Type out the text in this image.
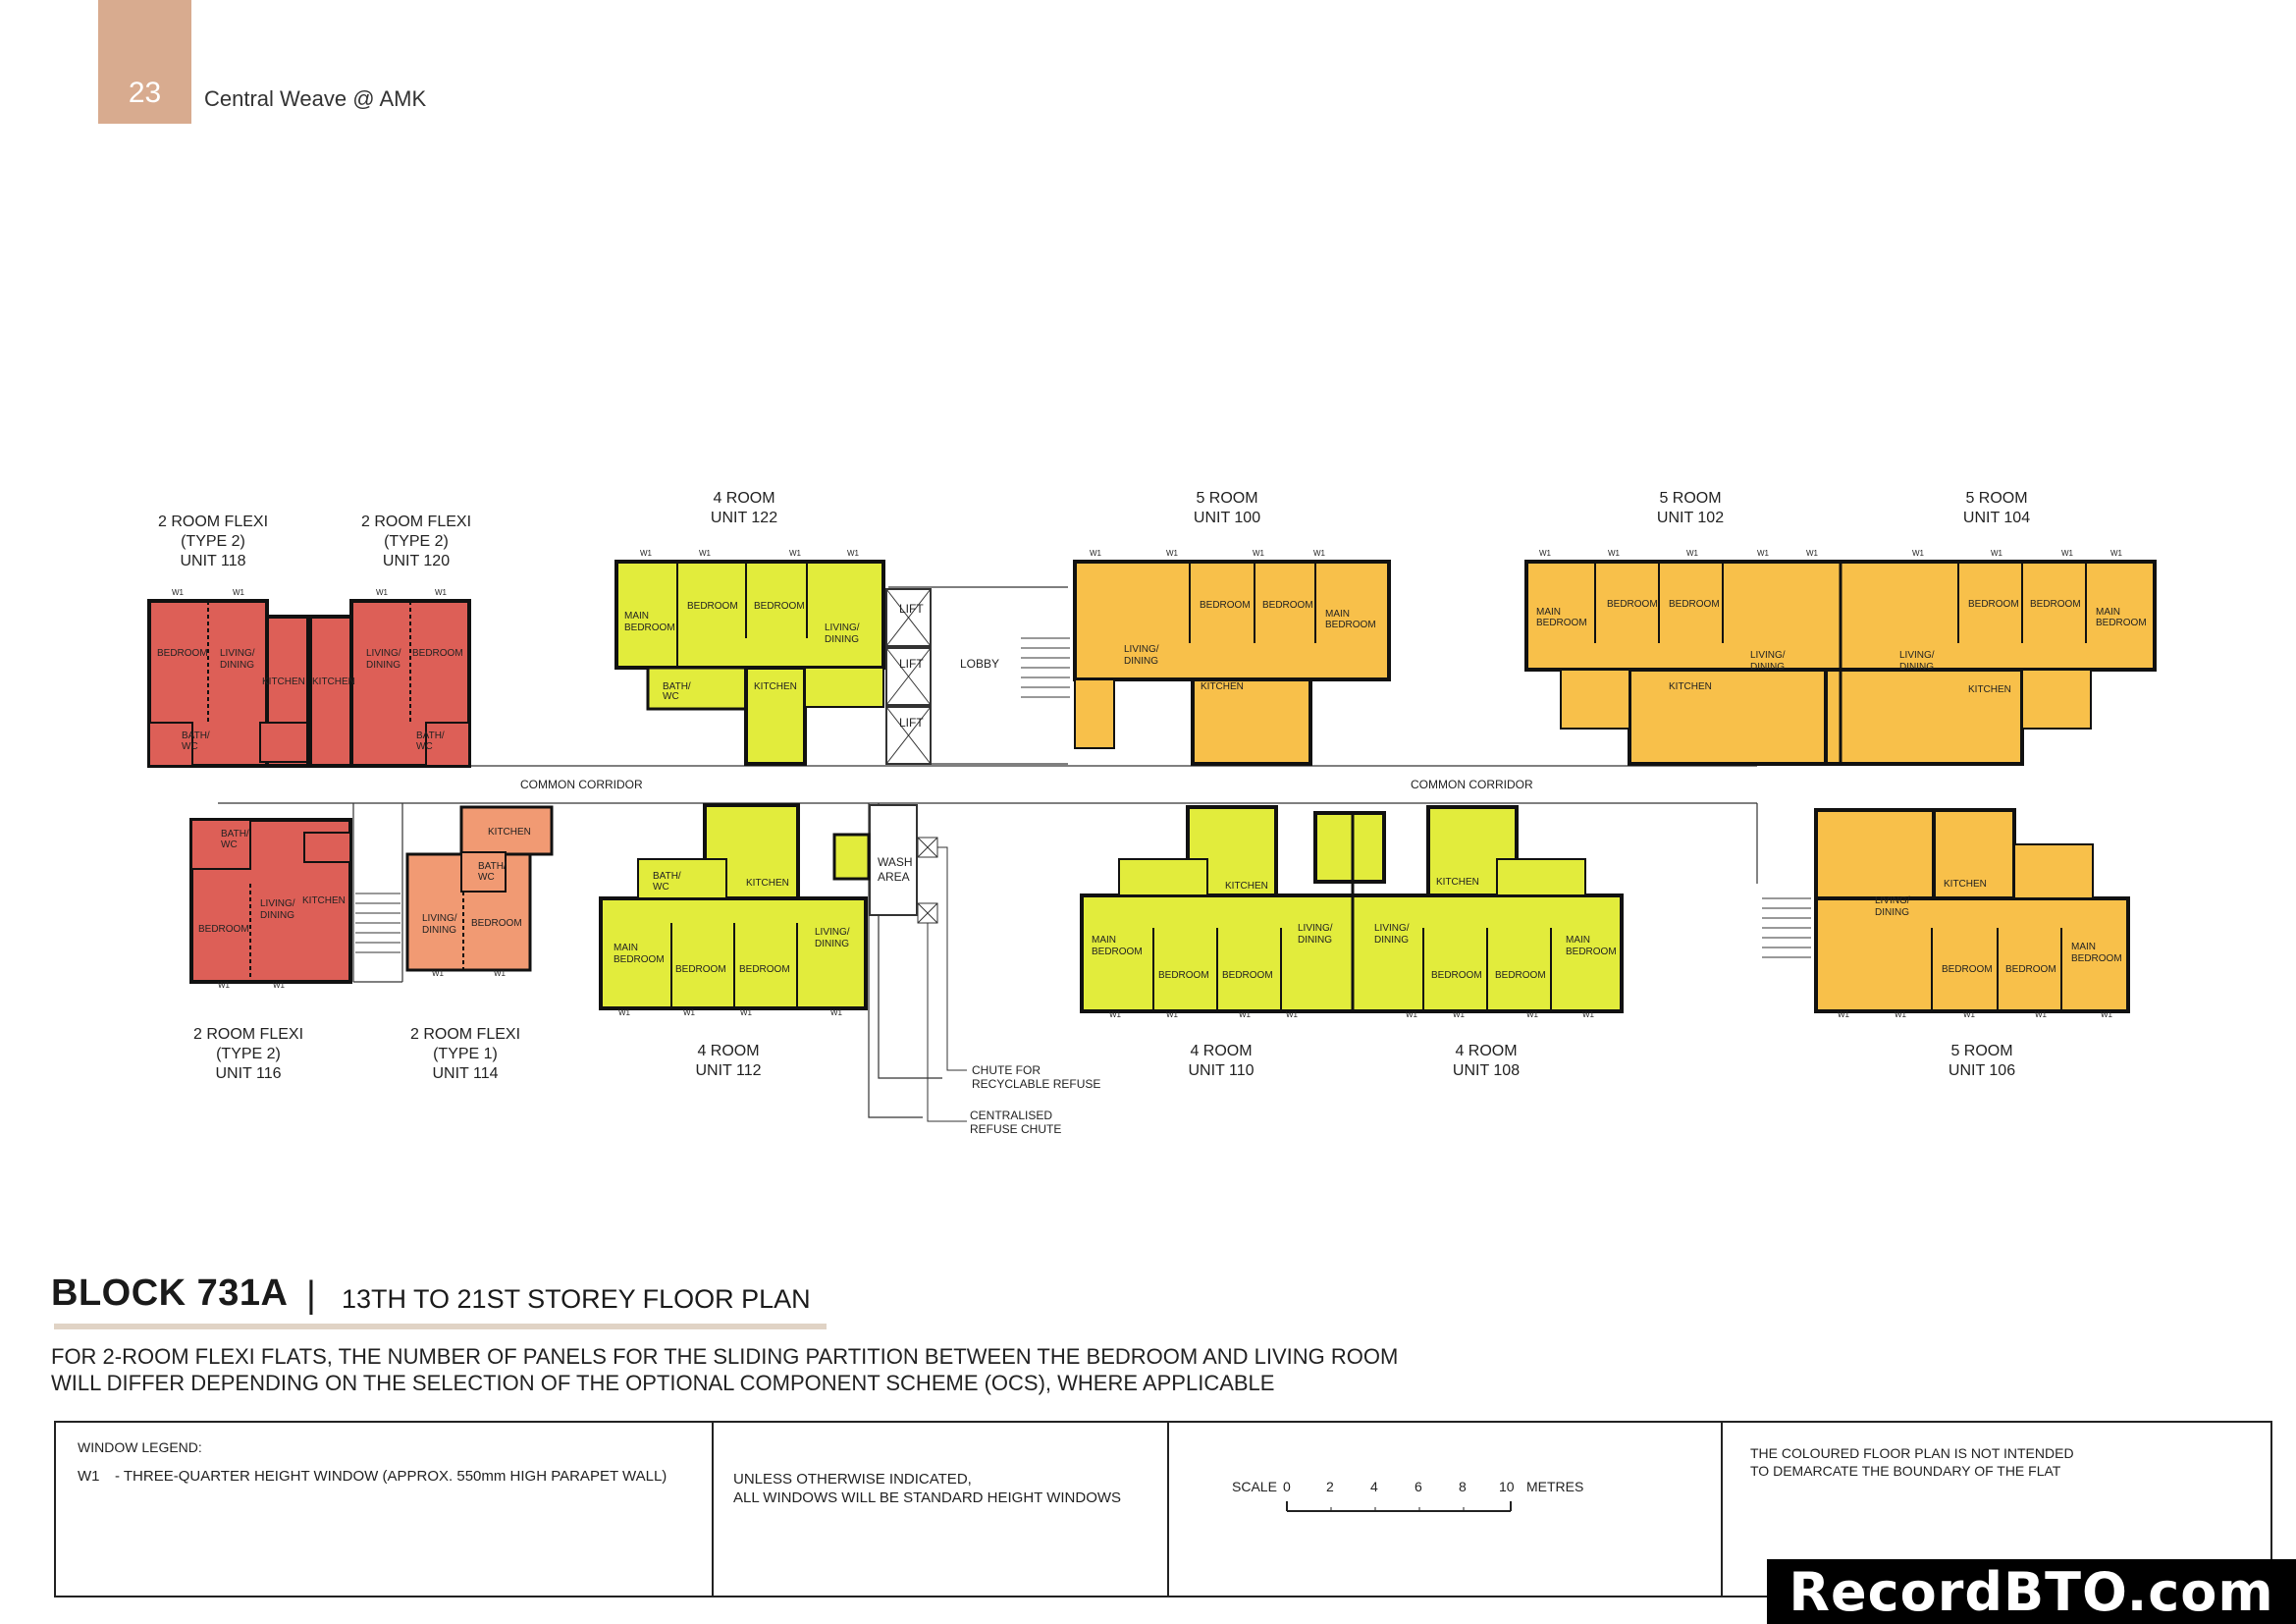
23 Central Weave @ AMK
LIFT
LIFT
LIFT
LOBBY
WASH
AREA
CHUTE FOR
RECYCLABLE REFUSE
CENTRALISED
REFUSE CHUTE
COMMON CORRIDOR	COMMON CORRIDOR
BEDROOM LIVING/
DINING
KITCHEN
BATH/
WC
W1	W1
BEDROOM
LIVING/
DINING
KITCHEN
BATH/
WC
W1	W1
MAIN
BEDROOM
BEDROOM BEDROOM
LIVING/
DINING
KITCHEN
BATH/
WC
W1	W1	W1	W1
LIVING/
DINING
BEDROOM BEDROOM
MAIN
BEDROOM
KITCHEN
W1	W1	W1	W1
MAIN
BEDROOM
BEDROOM BEDROOM
LIVING/
DINING
KITCHEN
LIVING/
DINING
BEDROOM BEDROOM
MAIN
BEDROOM
KITCHEN
W1	W1	W1	W1	W1	W1	W1	W1	W1
BEDROOM
LIVING/
DINING
KITCHEN
BATH/
WC
W1	W1
KITCHEN
LIVING/
DINING
BEDROOM
BATH/
WC
W1	W1
MAIN
BEDROOM
BEDROOM BEDROOM
LIVING/
DINING
KITCHEN
BATH/
WC
W1	W1	W1	W1
MAIN
BEDROOM
BEDROOM BEDROOM
LIVING/
DINING
KITCHEN
LIVING/
DINING
BEDROOM BEDROOM
MAIN
BEDROOM
KITCHEN
W1	W1	W1	W1	W1	W1	W1	W1
LIVING/
DINING
BEDROOM BEDROOM
MAIN
BEDROOM
KITCHEN
W1	W1	W1	W1	W1
2 ROOM FLEXI
(TYPE 2)
UNIT 118
2 ROOM FLEXI
(TYPE 2)
UNIT 120
4 ROOM
UNIT 122
5 ROOM
UNIT 100
5 ROOM
UNIT 102
5 ROOM
UNIT 104
2 ROOM FLEXI
(TYPE 2)
UNIT 116
2 ROOM FLEXI
(TYPE 1)
UNIT 114
4 ROOM
UNIT 112
4 ROOM
UNIT 110
4 ROOM
UNIT 108
5 ROOM
UNIT 106
BLOCK 731A | 13TH TO 21ST STOREY FLOOR PLAN
FOR 2-ROOM FLEXI FLATS, THE NUMBER OF PANELS FOR THE SLIDING PARTITION BETWEEN THE BEDROOM AND LIVING ROOM
WILL DIFFER DEPENDING ON THE SELECTION OF THE OPTIONAL COMPONENT SCHEME (OCS), WHERE APPLICABLE
WINDOW LEGEND:
W1 - THREE-QUARTER HEIGHT WINDOW (APPROX. 550mm HIGH PARAPET WALL)	UNLESS OTHERWISE INDICATED,
ALL WINDOWS WILL BE STANDARD HEIGHT WINDOWS
SCALE 0	2	4	6	8 10 METRES
THE COLOURED FLOOR PLAN IS NOT INTENDED
TO DEMARCATE THE BOUNDARY OF THE FLAT
RecordBTO.com
